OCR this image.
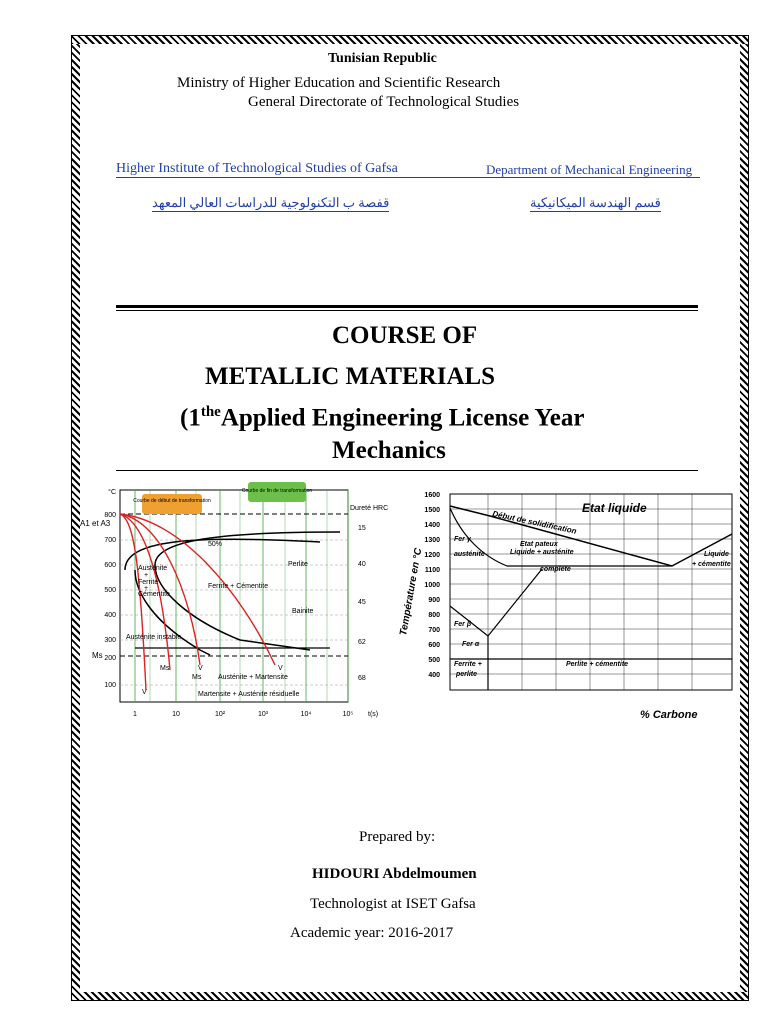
Tunisian Republic
Ministry of Higher Education and Scientific Research
General Directorate of Technological Studies
Higher Institute of Technological Studies of Gafsa	Department of Mechanical Engineering
ﻗﻔﺼﺔ ب اﻟﺘﻜﻨﻮﻟﻮﺟﯿﺔ ﻟﻠﺪراﺳﺎت اﻟﻌﺎﻟﻲ اﻟﻤﻌﮭﺪ	ﻗﺴﻢ اﻟﮭﻨﺪﺳﺔ اﻟﻤﯿﻜﺎﻧﯿﻜﯿﺔ
COURSE OF
METALLIC MATERIALS
($1^{the}Applied$ Engineering License Year
Mechanics
°C
800
700
600
500
400
300
200
100
A1 et A3
Ms
1	10	10²	10³	10⁴	10⁵ t(s)
Dureté HRC
15
40
45
62
68
Courbe de début de transformation
Courbe de fin de transformation
Austénite
+
Ferrite
+
Cémentite
Ferrite + Cémentite
Perlite
Bainite
Austénite instable
Austénite + Martensite
Martensite + Austénite résiduelle
50%
Ms
Ms
V
V	V
1600
1500
1400
1300
1200
1100
1000
900
800
700
600
500
400
Température en °C
% Carbone
Etat liquide
Début de solidification
Fer γ
austénite
Etat pateux
Liquide + austénite	Liquide
+ cémentite
complète
Fer β
Fer α
Ferrite +
perlite
Perlite + cémentite
Prepared by:
HIDOURI Abdelmoumen
Technologist at ISET Gafsa
Academic year: 2016-2017
